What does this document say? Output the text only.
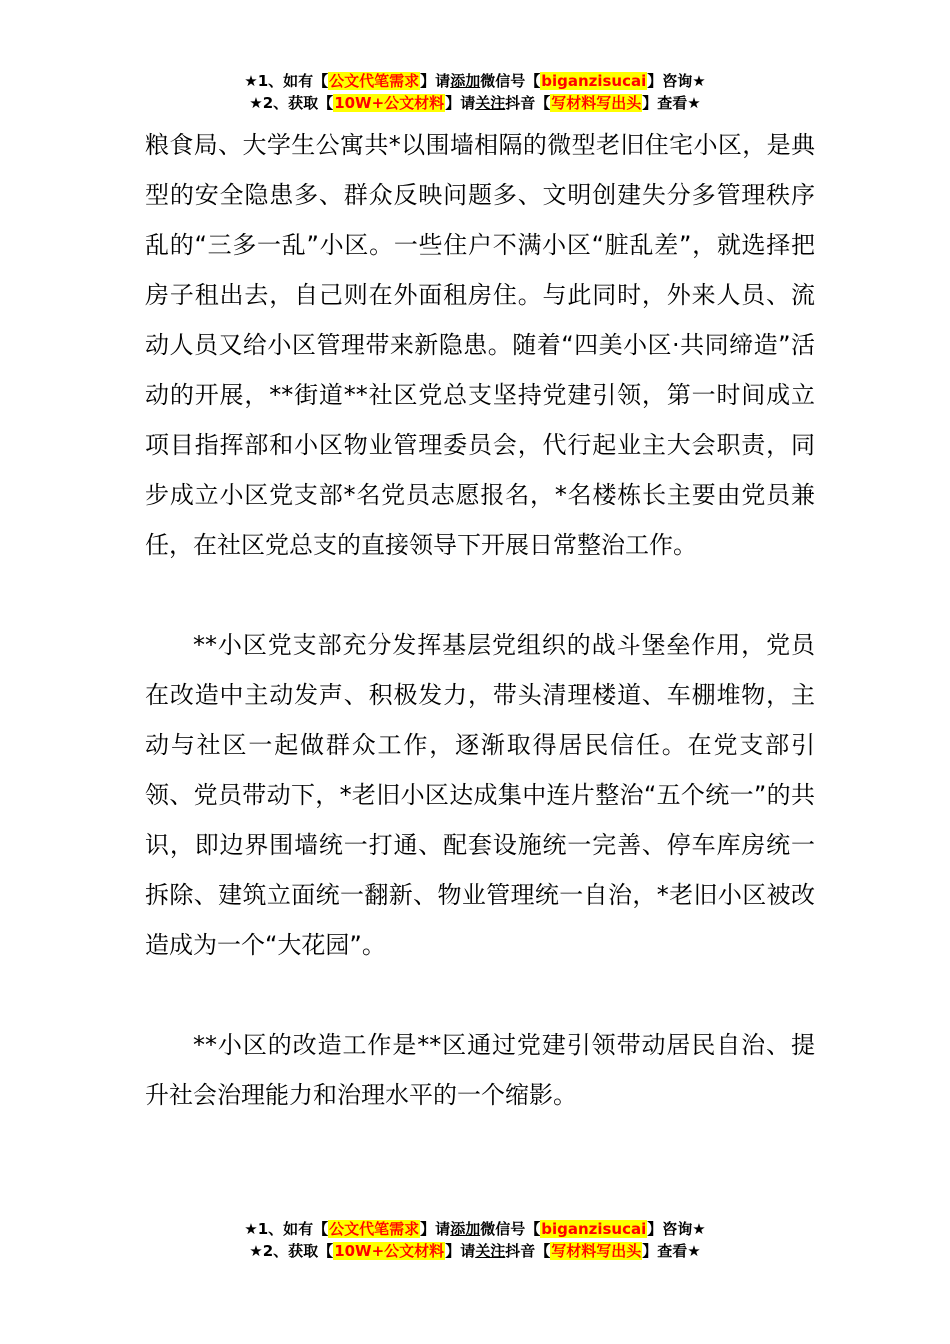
★1、如有【公文代笔需求】请添加微信号【biganzisucai】咨询★
★2、获取【10W+公文材料】请关注抖音【写材料写出头】查看★

粮食局、大学生公寓共*以围墙相隔的微型老旧住宅小区，是典型的安全隐患多、群众反映问题多、文明创建失分多管理秩序乱的“三多一乱”小区。一些住户不满小区“脏乱差”，就选择把房子租出去，自己则在外面租房住。与此同时，外来人员、流动人员又给小区管理带来新隐患。随着“四美小区·共同缔造”活动的开展，**街道**社区党总支坚持党建引领，第一时间成立项目指挥部和小区物业管理委员会，代行起业主大会职责，同步成立小区党支部*名党员志愿报名，*名楼栋长主要由党员兼任，在社区党总支的直接领导下开展日常整治工作。

**小区党支部充分发挥基层党组织的战斗堡垒作用，党员在改造中主动发声、积极发力，带头清理楼道、车棚堆物，主动与社区一起做群众工作，逐渐取得居民信任。在党支部引领、党员带动下，*老旧小区达成集中连片整治“五个统一”的共识，即边界围墙统一打通、配套设施统一完善、停车库房统一拆除、建筑立面统一翻新、物业管理统一自治，*老旧小区被改造成为一个“大花园”。

**小区的改造工作是**区通过党建引领带动居民自治、提升社会治理能力和治理水平的一个缩影。

★1、如有【公文代笔需求】请添加微信号【biganzisucai】咨询★
★2、获取【10W+公文材料】请关注抖音【写材料写出头】查看★
